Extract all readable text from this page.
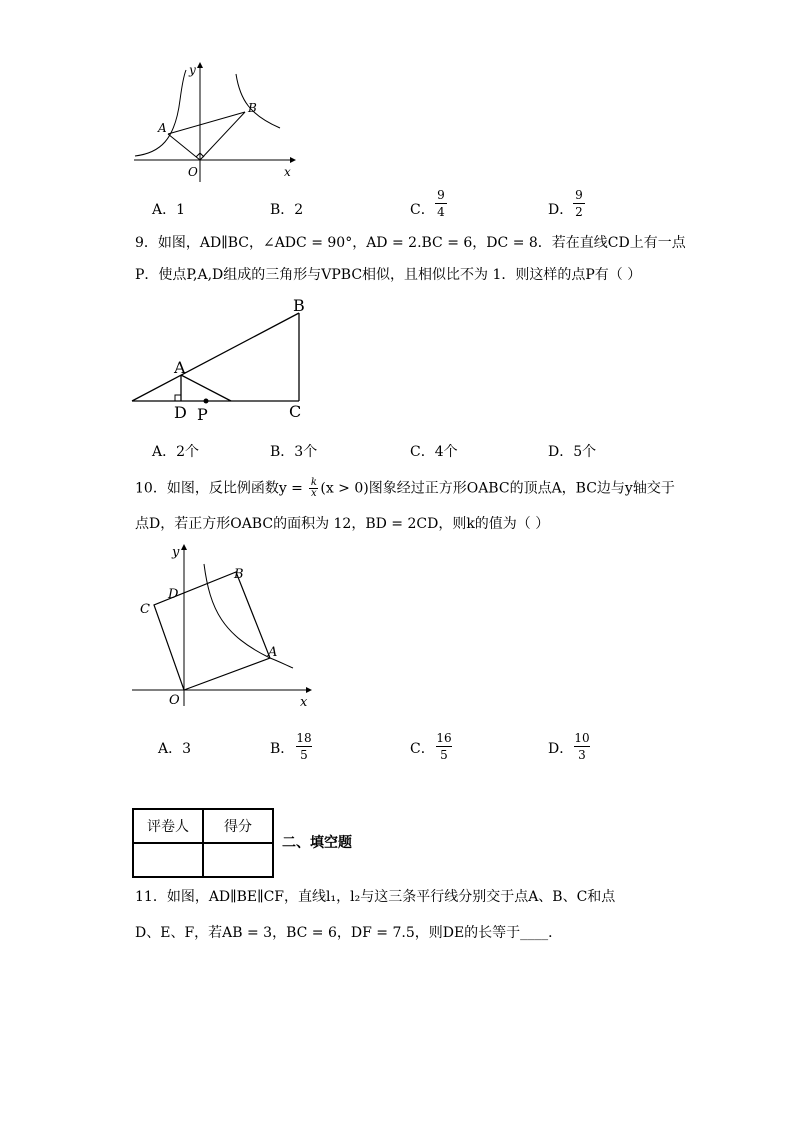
A
B
O	x
y
A．1	B．2	C．
9
4	D．
9
2
9．如图，AD∥BC，∠ADC = 90°，AD = 2.BC = 6，DC = 8．若在直线CD上有一点
P．使点P,A,D组成的三角形与VPBC相似，且相似比不为 1．则这样的点P有（ ）
A
B
C
D P
A．2个	B．3个	C．4个	D．5个
10．如图，反比例函数$y = \frac{k}{x} (x > 0)$图象经过正方形OABC的顶点A，BC边与y轴交于
点D，若正方形OABC的面积为 12，BD = 2CD，则k的值为（ ）
A
B
C
D
O	x
y
A．3	B．
18
5	C．
16
5	D．
10
3
评卷人	得分

二、填空题
11．如图，AD∥BE∥CF，直线l₁，l₂与这三条平行线分别交于点A、B、C和点
D、E、F，若AB = 3，BC = 6，DF = 7.5，则DE的长等于____．
